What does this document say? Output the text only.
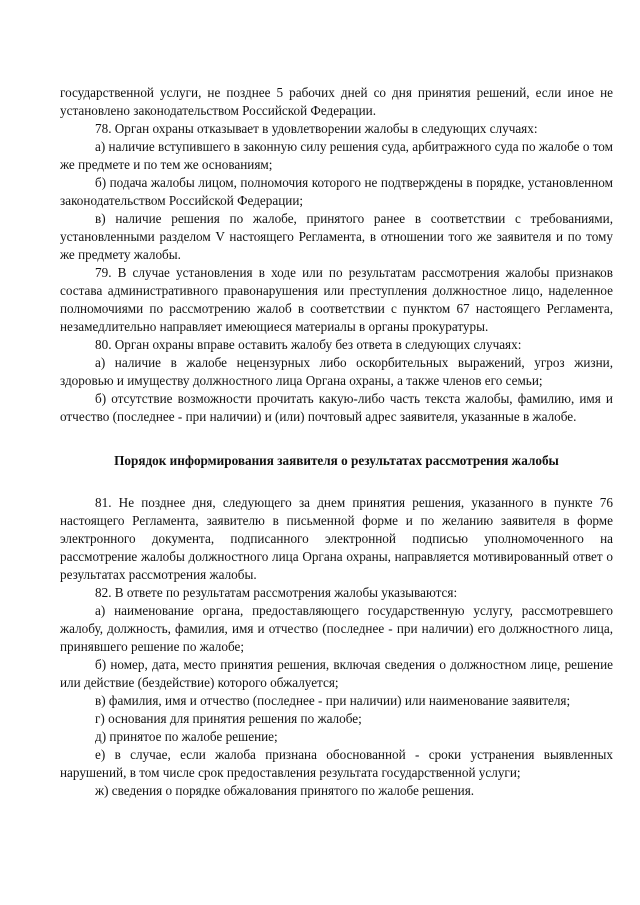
государственной услуги, не позднее 5 рабочих дней со дня принятия решений, если иное не установлено законодательством Российской Федерации.

78. Орган охраны отказывает в удовлетворении жалобы в следующих случаях:

а) наличие вступившего в законную силу решения суда, арбитражного суда по жалобе о том же предмете и по тем же основаниям;

б) подача жалобы лицом, полномочия которого не подтверждены в порядке, установленном законодательством Российской Федерации;

в) наличие решения по жалобе, принятого ранее в соответствии с требованиями, установленными разделом V настоящего Регламента, в отношении того же заявителя и по тому же предмету жалобы.

79. В случае установления в ходе или по результатам рассмотрения жалобы признаков состава административного правонарушения или преступления должностное лицо, наделенное полномочиями по рассмотрению жалоб в соответствии с пунктом 67 настоящего Регламента, незамедлительно направляет имеющиеся материалы в органы прокуратуры.

80. Орган охраны вправе оставить жалобу без ответа в следующих случаях:

а) наличие в жалобе нецензурных либо оскорбительных выражений, угроз жизни, здоровью и имуществу должностного лица Органа охраны, а также членов его семьи;

б) отсутствие возможности прочитать какую-либо часть текста жалобы, фамилию, имя и отчество (последнее - при наличии) и (или) почтовый адрес заявителя, указанные в жалобе.

Порядок информирования заявителя о результатах рассмотрения жалобы

81. Не позднее дня, следующего за днем принятия решения, указанного в пункте 76 настоящего Регламента, заявителю в письменной форме и по желанию заявителя в форме электронного документа, подписанного электронной подписью уполномоченного на рассмотрение жалобы должностного лица Органа охраны, направляется мотивированный ответ о результатах рассмотрения жалобы.

82. В ответе по результатам рассмотрения жалобы указываются:

а) наименование органа, предоставляющего государственную услугу, рассмотревшего жалобу, должность, фамилия, имя и отчество (последнее - при наличии) его должностного лица, принявшего решение по жалобе;

б) номер, дата, место принятия решения, включая сведения о должностном лице, решение или действие (бездействие) которого обжалуется;

в) фамилия, имя и отчество (последнее - при наличии) или наименование заявителя;

г) основания для принятия решения по жалобе;

д) принятое по жалобе решение;

е) в случае, если жалоба признана обоснованной - сроки устранения выявленных нарушений, в том числе срок предоставления результата государственной услуги;

ж) сведения о порядке обжалования принятого по жалобе решения.
